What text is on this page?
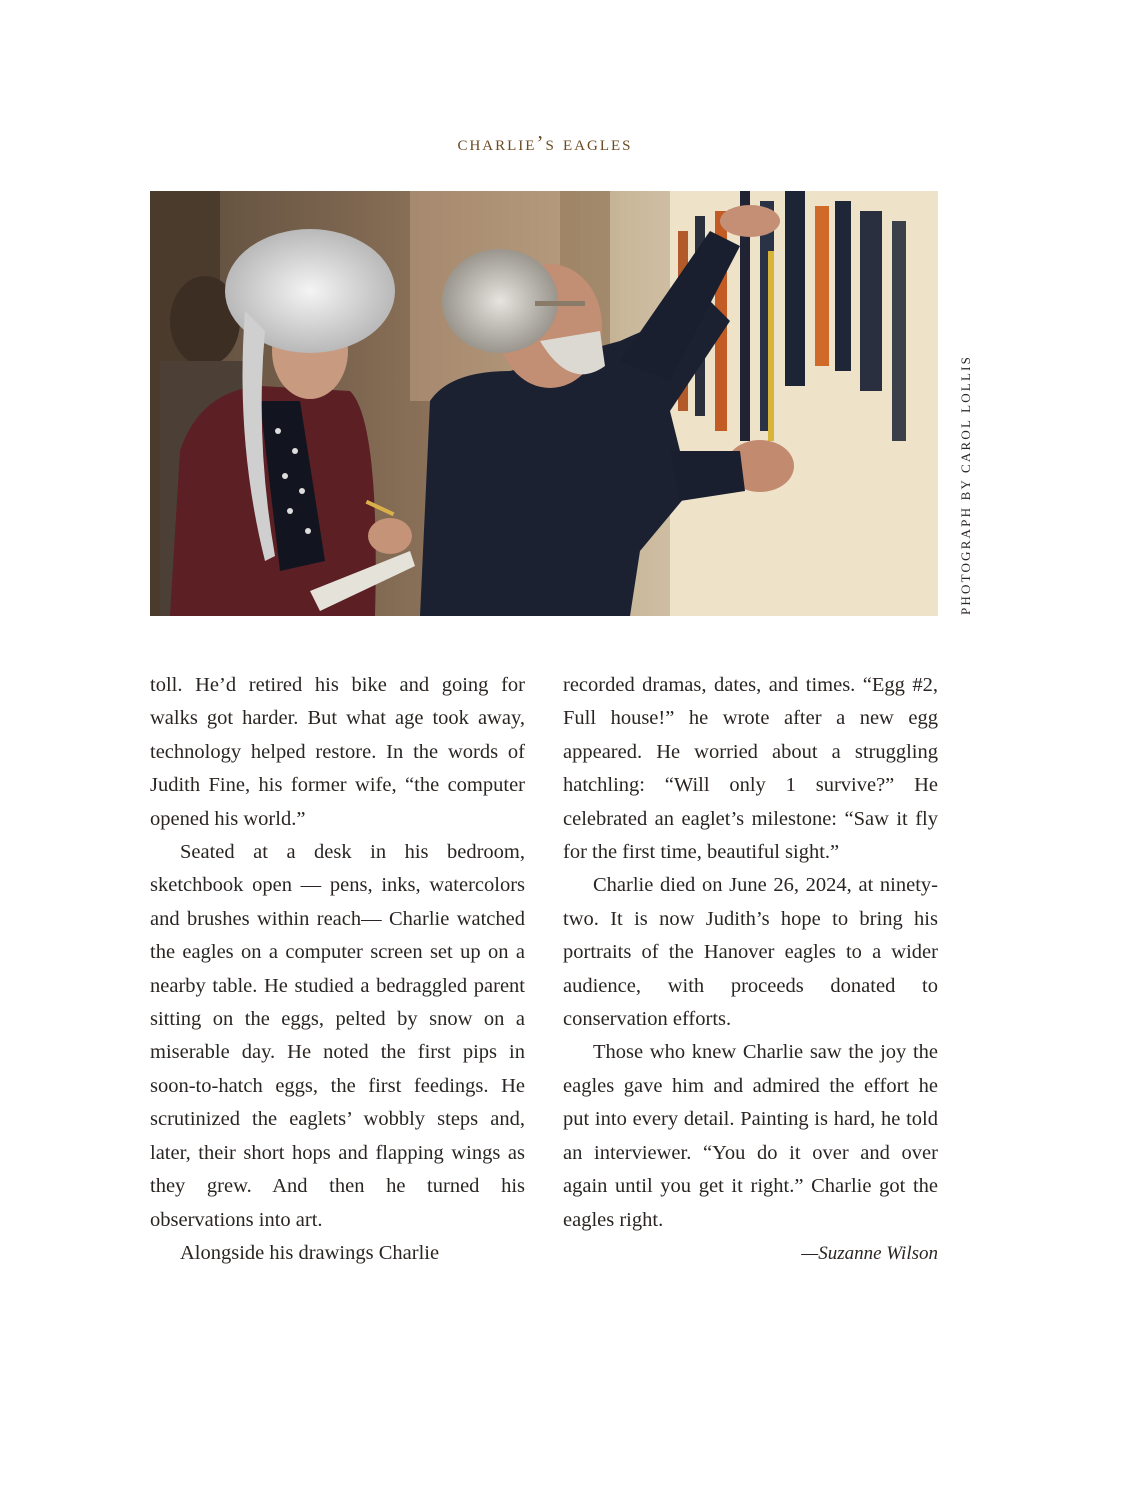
charlie’s eagles
PHOTOGRAPH BY CAROL LOLLIS

toll. He’d retired his bike and going for walks got harder. But what age took away, technology helped restore. In the words of Judith Fine, his former wife, “the computer opened his world.”

Seated at a desk in his bedroom, sketchbook open — pens, inks, watercolors and brushes within reach— Charlie watched the eagles on a computer screen set up on a nearby table. He studied a bedraggled parent sitting on the eggs, pelted by snow on a miserable day. He noted the first pips in soon-to-hatch eggs, the first feedings. He scrutinized the eaglets’ wobbly steps and, later, their short hops and flapping wings as they grew. And then he turned his observations into art.

Alongside his drawings Charlie

recorded dramas, dates, and times. “Egg #2, Full house!” he wrote after a new egg appeared. He worried about a struggling hatchling: “Will only 1 survive?” He celebrated an eaglet’s milestone: “Saw it fly for the first time, beautiful sight.”

Charlie died on June 26, 2024, at ninety-two. It is now Judith’s hope to bring his portraits of the Hanover eagles to a wider audience, with proceeds donated to conservation efforts.

Those who knew Charlie saw the joy the eagles gave him and admired the effort he put into every detail. Painting is hard, he told an interviewer. “You do it over and over again until you get it right.” Charlie got the eagles right.

—Suzanne Wilson
